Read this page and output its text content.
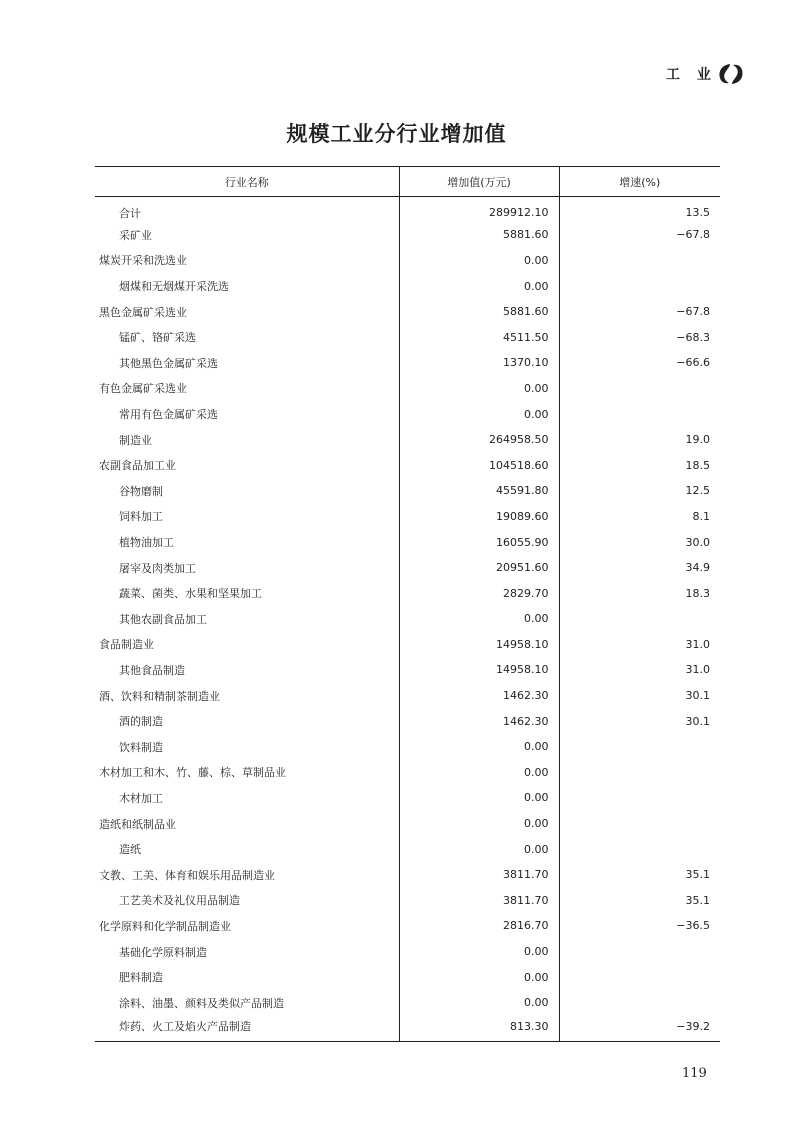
工 业
规模工业分行业增加值
行业名称	增加值(万元)	增速(%)
合计	289912.10	13.5
采矿业	5881.60	−67.8
煤炭开采和洗选业	0.00	
烟煤和无烟煤开采洗选	0.00	
黑色金属矿采选业	5881.60	−67.8
锰矿、铬矿采选	4511.50	−68.3
其他黑色金属矿采选	1370.10	−66.6
有色金属矿采选业	0.00	
常用有色金属矿采选	0.00	
制造业	264958.50	19.0
农副食品加工业	104518.60	18.5
谷物磨制	45591.80	12.5
饲料加工	19089.60	8.1
植物油加工	16055.90	30.0
屠宰及肉类加工	20951.60	34.9
蔬菜、菌类、水果和坚果加工	2829.70	18.3
其他农副食品加工	0.00	
食品制造业	14958.10	31.0
其他食品制造	14958.10	31.0
酒、饮料和精制茶制造业	1462.30	30.1
酒的制造	1462.30	30.1
饮料制造	0.00	
木材加工和木、竹、藤、棕、草制品业	0.00	
木材加工	0.00	
造纸和纸制品业	0.00	
造纸	0.00	
文教、工美、体育和娱乐用品制造业	3811.70	35.1
工艺美术及礼仪用品制造	3811.70	35.1
化学原料和化学制品制造业	2816.70	−36.5
基础化学原料制造	0.00	
肥料制造	0.00	
涂料、油墨、颜料及类似产品制造	0.00	
炸药、火工及焰火产品制造	813.30	−39.2
119
